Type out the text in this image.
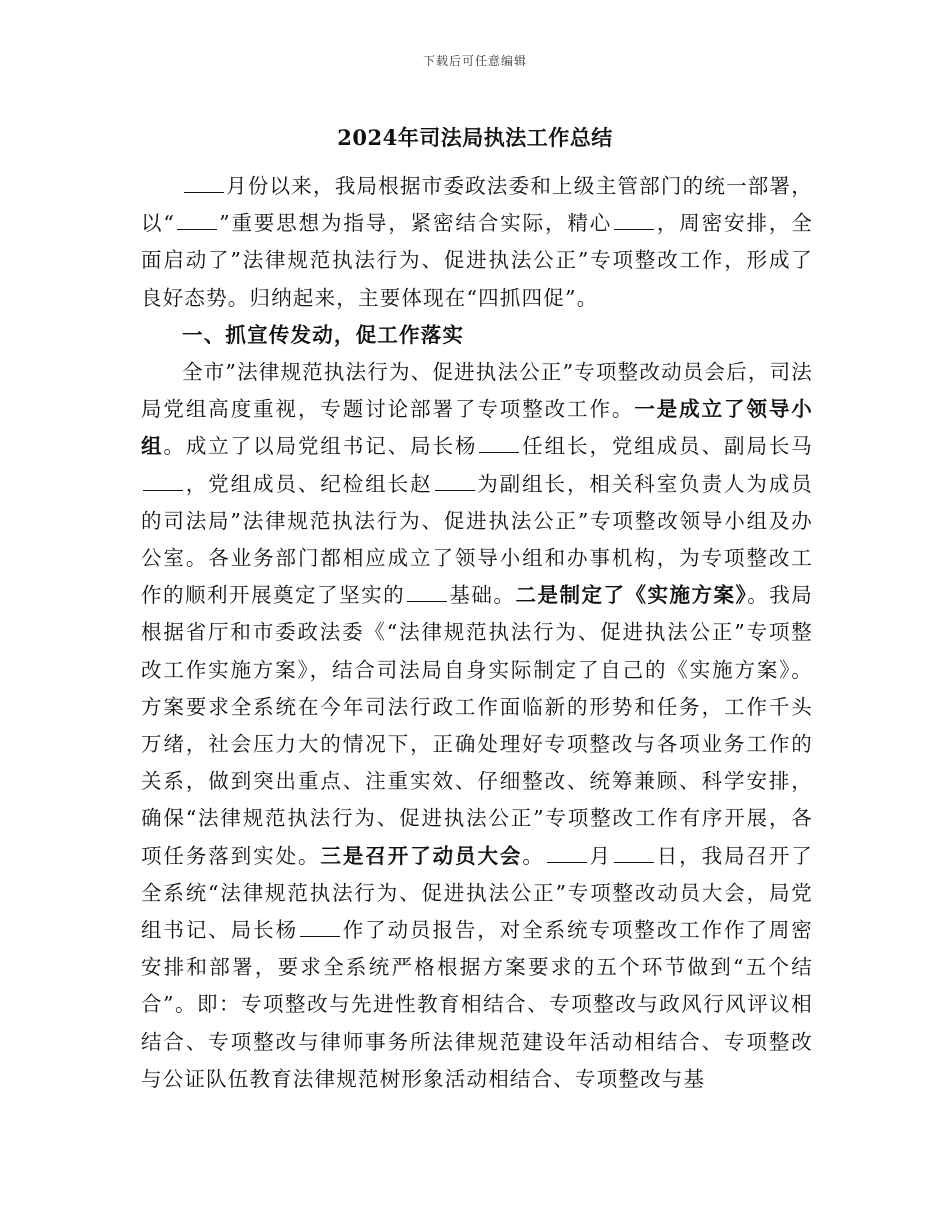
下载后可任意编辑
2024年司法局执法工作总结

月份以来，我局根据市委政法委和上级主管部门的统一部署，以“ ”重要思想为指导，紧密结合实际，精心 ，周密安排，全面启动了”法律规范执法行为、促进执法公正”专项整改工作，形成了良好态势。归纳起来，主要体现在“四抓四促”。

一、抓宣传发动，促工作落实

全市”法律规范执法行为、促进执法公正”专项整改动员会后，司法局党组高度重视，专题讨论部署了专项整改工作。一是成立了领导小组。成立了以局党组书记、局长杨 任组长，党组成员、副局长马，党组成员、纪检组长赵 为副组长，相关科室负责人为成员的司法局”法律规范执法行为、促进执法公正”专项整改领导小组及办公室。各业务部门都相应成立了领导小组和办事机构，为专项整改工作的顺利开展奠定了坚实的 基础。二是制定了《实施方案》。我局根据省厅和市委政法委《“法律规范执法行为、促进执法公正”专项整改工作实施方案》，结合司法局自身实际制定了自己的《实施方案》。方案要求全系统在今年司法行政工作面临新的形势和任务，工作千头万绪，社会压力大的情况下，正确处理好专项整改与各项业务工作的关系，做到突出重点、注重实效、仔细整改、统筹兼顾、科学安排，确保“法律规范执法行为、促进执法公正”专项整改工作有序开展，各项任务落到实处。三是召开了动员大会。 月 日，我局召开了全系统“法律规范执法行为、促进执法公正”专项整改动员大会，局党组书记、局长杨 作了动员报告，对全系统专项整改工作作了周密安排和部署，要求全系统严格根据方案要求的五个环节做到“五个结合”。即：专项整改与先进性教育相结合、专项整改与政风行风评议相结合、专项整改与律师事务所法律规范建设年活动相结合、专项整改与公证队伍教育法律规范树形象活动相结合、专项整改与基
